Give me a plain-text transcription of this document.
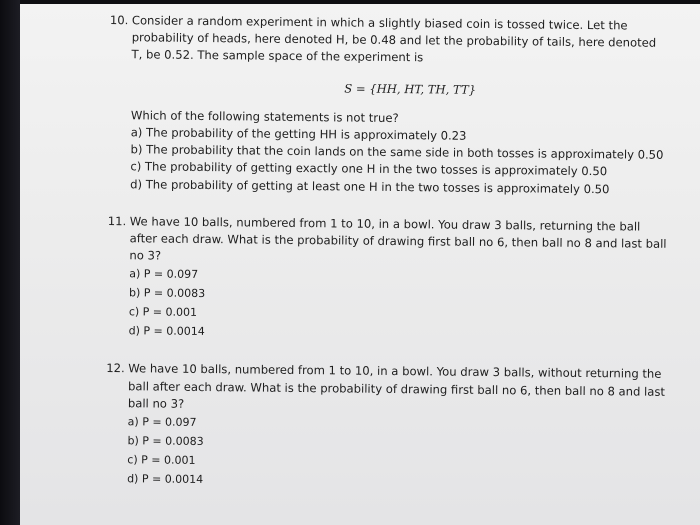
10. Consider a random experiment in which a slightly biased coin is tossed twice. Let the
probability of heads, here denoted H, be 0.48 and let the probability of tails, here denoted
T, be 0.52. The sample space of the experiment is
S = {HH, HT, TH, TT}
Which of the following statements is not true?
a) The probability of the getting HH is approximately 0.23
b) The probability that the coin lands on the same side in both tosses is approximately 0.50
c) The probability of getting exactly one H in the two tosses is approximately 0.50
d) The probability of getting at least one H in the two tosses is approximately 0.50
11. We have 10 balls, numbered from 1 to 10, in a bowl. You draw 3 balls, returning the ball
after each draw. What is the probability of drawing first ball no 6, then ball no 8 and last ball
no 3?
a) P = 0.097
b) P = 0.0083
c) P = 0.001
d) P = 0.0014
12. We have 10 balls, numbered from 1 to 10, in a bowl. You draw 3 balls, without returning the
ball after each draw. What is the probability of drawing first ball no 6, then ball no 8 and last
ball no 3?
a) P = 0.097
b) P = 0.0083
c) P = 0.001
d) P = 0.0014
